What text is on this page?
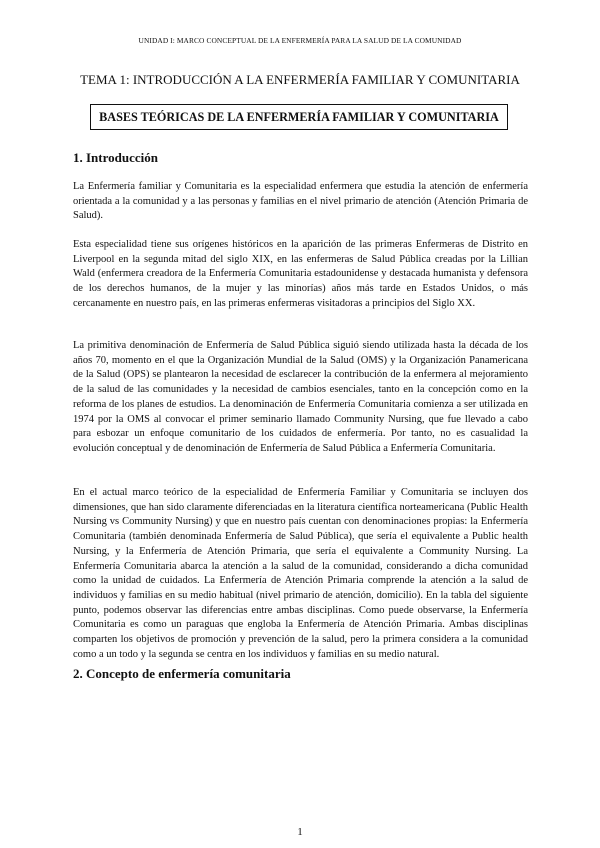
UNIDAD I: MARCO CONCEPTUAL DE LA ENFERMERÍA PARA LA SALUD DE LA COMUNIDAD
TEMA 1: INTRODUCCIÓN A LA ENFERMERÍA FAMILIAR Y COMUNITARIA
BASES TEÓRICAS DE LA ENFERMERÍA FAMILIAR Y COMUNITARIA
1. Introducción

La Enfermería familiar y Comunitaria es la especialidad enfermera que estudia la atención de enfermería orientada a la comunidad y a las personas y familias en el nivel primario de atención (Atención Primaria de Salud).

Esta especialidad tiene sus orígenes históricos en la aparición de las primeras Enfermeras de Distrito en Liverpool en la segunda mitad del siglo XIX, en las enfermeras de Salud Pública creadas por la Lillian Wald (enfermera creadora de la Enfermería Comunitaria estadounidense y destacada humanista y defensora de los derechos humanos, de la mujer y las minorías) años más tarde en Estados Unidos, o más cercanamente en nuestro país, en las primeras enfermeras visitadoras a principios del Siglo XX.

La primitiva denominación de Enfermería de Salud Pública siguió siendo utilizada hasta la década de los años 70, momento en el que la Organización Mundial de la Salud (OMS) y la Organización Panamericana de la Salud (OPS) se plantearon la necesidad de esclarecer la contribución de la enfermera al mejoramiento de la salud de las comunidades y la necesidad de cambios esenciales, tanto en la concepción como en la reforma de los planes de estudios. La denominación de Enfermería Comunitaria comienza a ser utilizada en 1974 por la OMS al convocar el primer seminario llamado Community Nursing, que fue llevado a cabo para esbozar un enfoque comunitario de los cuidados de enfermería. Por tanto, no es casualidad la evolución conceptual y de denominación de Enfermería de Salud Pública a Enfermería Comunitaria.

En el actual marco teórico de la especialidad de Enfermería Familiar y Comunitaria se incluyen dos dimensiones, que han sido claramente diferenciadas en la literatura científica norteamericana (Public Health Nursing vs Community Nursing) y que en nuestro país cuentan con denominaciones propias: la Enfermería Comunitaria (también denominada Enfermería de Salud Pública), que sería el equivalente a Public health Nursing, y la Enfermería de Atención Primaria, que sería el equivalente a Community Nursing. La Enfermería Comunitaria abarca la atención a la salud de la comunidad, considerando a dicha comunidad como la unidad de cuidados. La Enfermería de Atención Primaria comprende la atención a la salud de individuos y familias en su medio habitual (nivel primario de atención, domicilio). En la tabla del siguiente punto, podemos observar las diferencias entre ambas disciplinas. Como puede observarse, la Enfermería Comunitaria es como un paraguas que engloba la Enfermería de Atención Primaria. Ambas disciplinas comparten los objetivos de promoción y prevención de la salud, pero la primera considera a la comunidad como a un todo y la segunda se centra en los individuos y familias en su medio natural.

2. Concepto de enfermería comunitaria
1
